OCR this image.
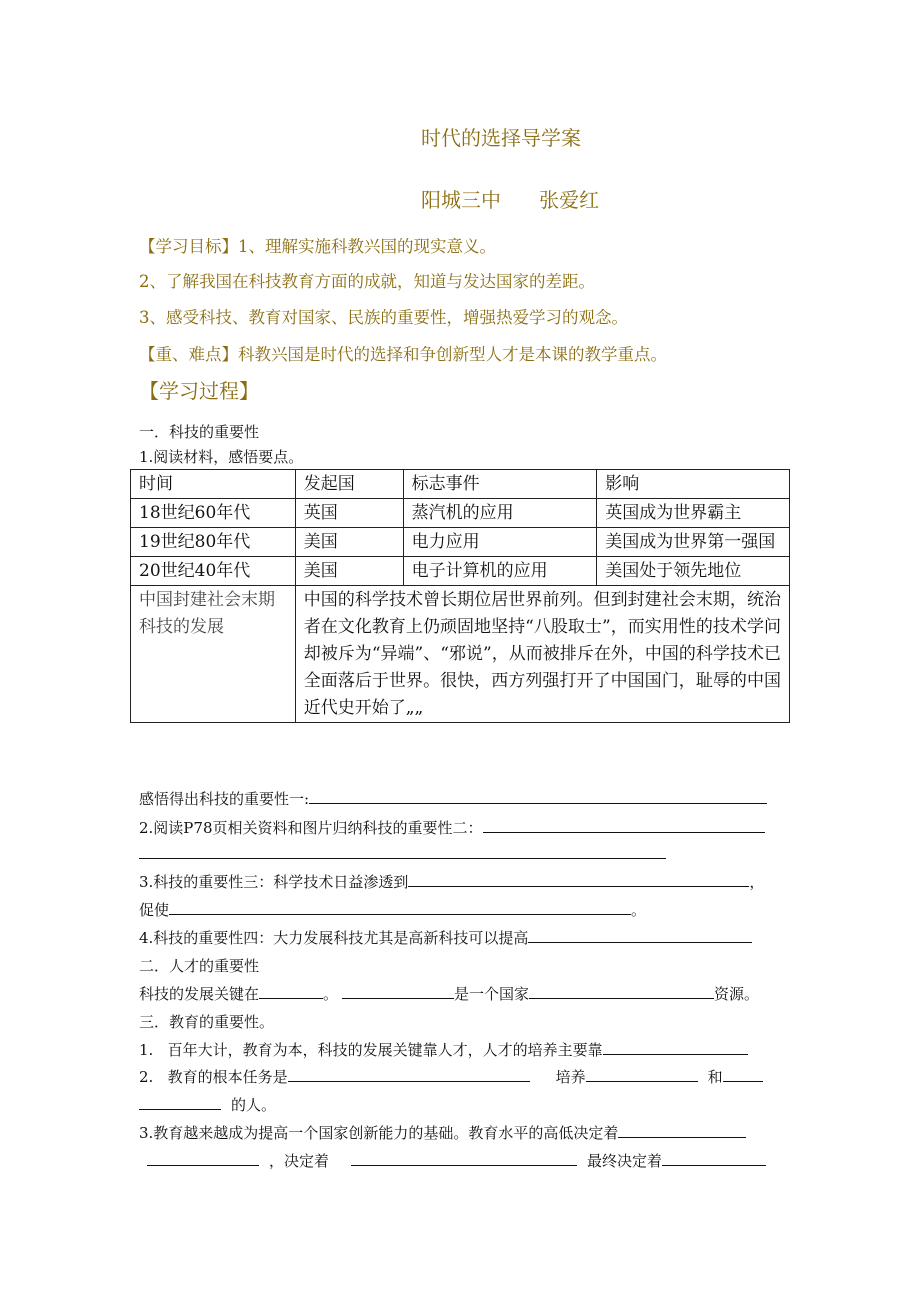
时代的选择导学案
阳城三中      张爱红
【学习目标】1、理解实施科教兴国的现实意义。
2、了解我国在科技教育方面的成就，知道与发达国家的差距。
3、感受科技、教育对国家、民族的重要性，增强热爱学习的观念。
【重、难点】科教兴国是时代的选择和争创新型人才是本课的教学重点。
【学习过程】
一．科技的重要性
1.阅读材料，感悟要点。
时间	发起国	标志事件	影响
18世纪60年代	英国	蒸汽机的应用	英国成为世界霸主
19世纪80年代	美国	电力应用	美国成为世界第一强国
20世纪40年代	美国	电子计算机的应用	美国处于领先地位
中国封建社会末期科技的发展	中国的科学技术曾长期位居世界前列。但到封建社会末期，统治者在文化教育上仍顽固地坚持“八股取士”，而实用性的技术学问却被斥为“异端”、“邪说”，从而被排斥在外，中国的科学技术已全面落后于世界。很快，西方列强打开了中国国门，耻辱的中国近代史开始了„„		
感悟得出科技的重要性一:
2.阅读P78页相关资料和图片归纳科技的重要性二：
3.科技的重要性三：科学技术日益渗透到	，
促使	。
4.科技的重要性四：大力发展科技尤其是高新科技可以提高
二．人才的重要性
科技的发展关键在	。	是一个国家	资源。
三．教育的重要性。
1.   百年大计，教育为本，科技的发展关键靠人才，人才的培养主要靠
2.   教育的根本任务是	培养	和
的人。
3.教育越来越成为提高一个国家创新能力的基础。教育水平的高低决定着
，决定着	最终决定着
